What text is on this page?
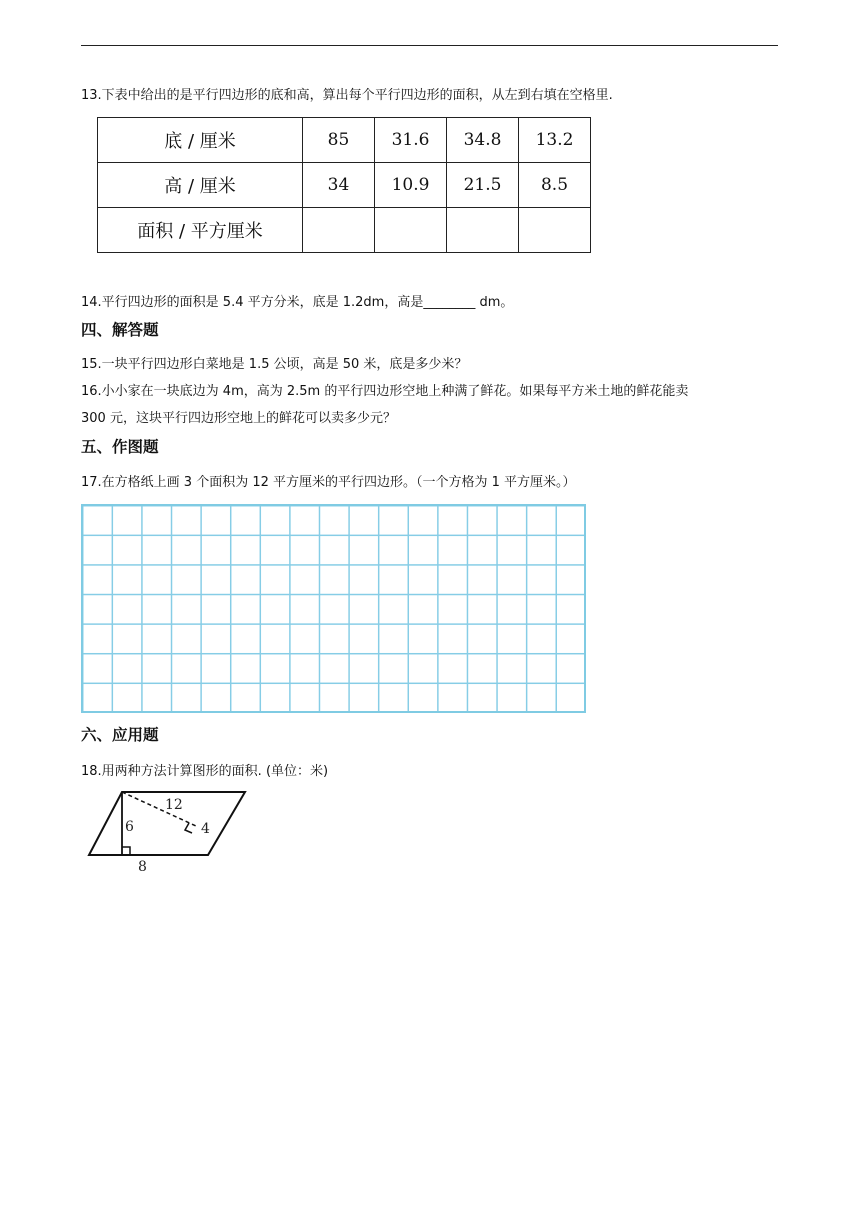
13.下表中给出的是平行四边形的底和高，算出每个平行四边形的面积，从左到右填在空格里.
底 / 厘米	85	31.6	34.8	13.2
高 / 厘米	34	10.9	21.5	8.5
面积 / 平方厘米				
14.平行四边形的面积是 5.4 平方分米，底是 1.2dm，高是________ dm。
四、解答题
15.一块平行四边形白菜地是 1.5 公顷，高是 50 米，底是多少米？
16.小小家在一块底边为 4m，高为 2.5m 的平行四边形空地上种满了鲜花。如果每平方米土地的鲜花能卖
300 元，这块平行四边形空地上的鲜花可以卖多少元？
五、作图题
17.在方格纸上画 3 个面积为 12 平方厘米的平行四边形。（一个方格为 1 平方厘米。）
六、应用题
18.用两种方法计算图形的面积. (单位：米)
12
4
6
8
